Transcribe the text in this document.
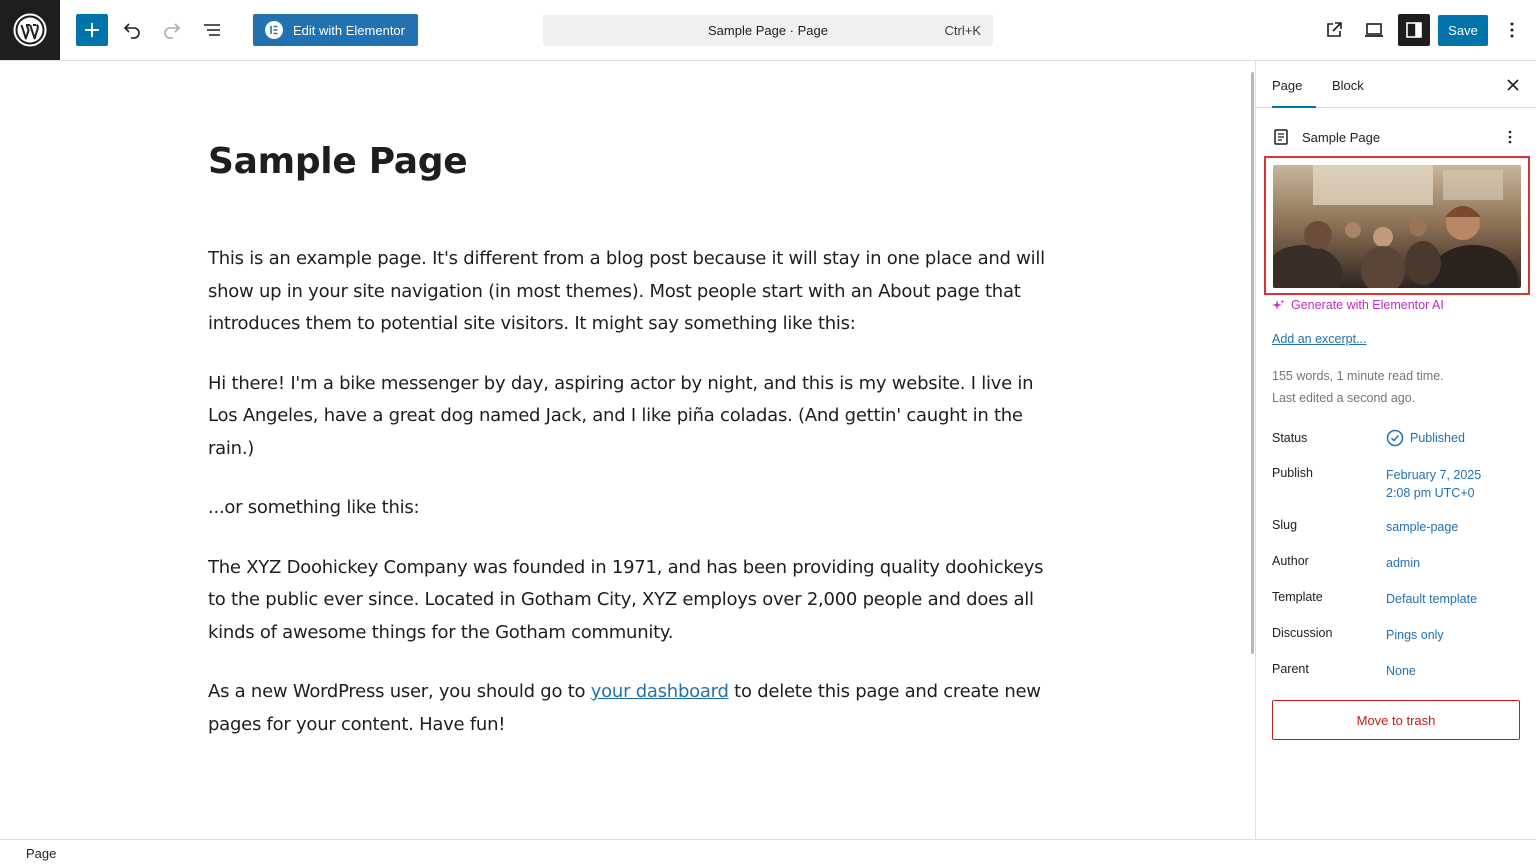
Edit with Elementor	Sample Page · Page	Ctrl+K	Save
Sample Page

This is an example page. It's different from a blog post because it will stay in one place and will show up in your site navigation (in most themes). Most people start with an About page that introduces them to potential site visitors. It might say something like this:

Hi there! I'm a bike messenger by day, aspiring actor by night, and this is my website. I live in Los Angeles, have a great dog named Jack, and I like piña coladas. (And gettin' caught in the rain.)

...or something like this:

The XYZ Doohickey Company was founded in 1971, and has been providing quality doohickeys to the public ever since. Located in Gotham City, XYZ employs over 2,000 people and does all kinds of awesome things for the Gotham community.

As a new WordPress user, you should go to your dashboard to delete this page and create new pages for your content. Have fun!

Page	Block
Sample Page
Generate with Elementor AI
Add an excerpt...
155 words, 1 minute read time.
Last edited a second ago.
Status	Published
Publish	February 7, 2025
2:08 pm UTC+0
Slug	sample-page
Author	admin
Template	Default template
Discussion	Pings only
Parent	None
Move to trash
Page
